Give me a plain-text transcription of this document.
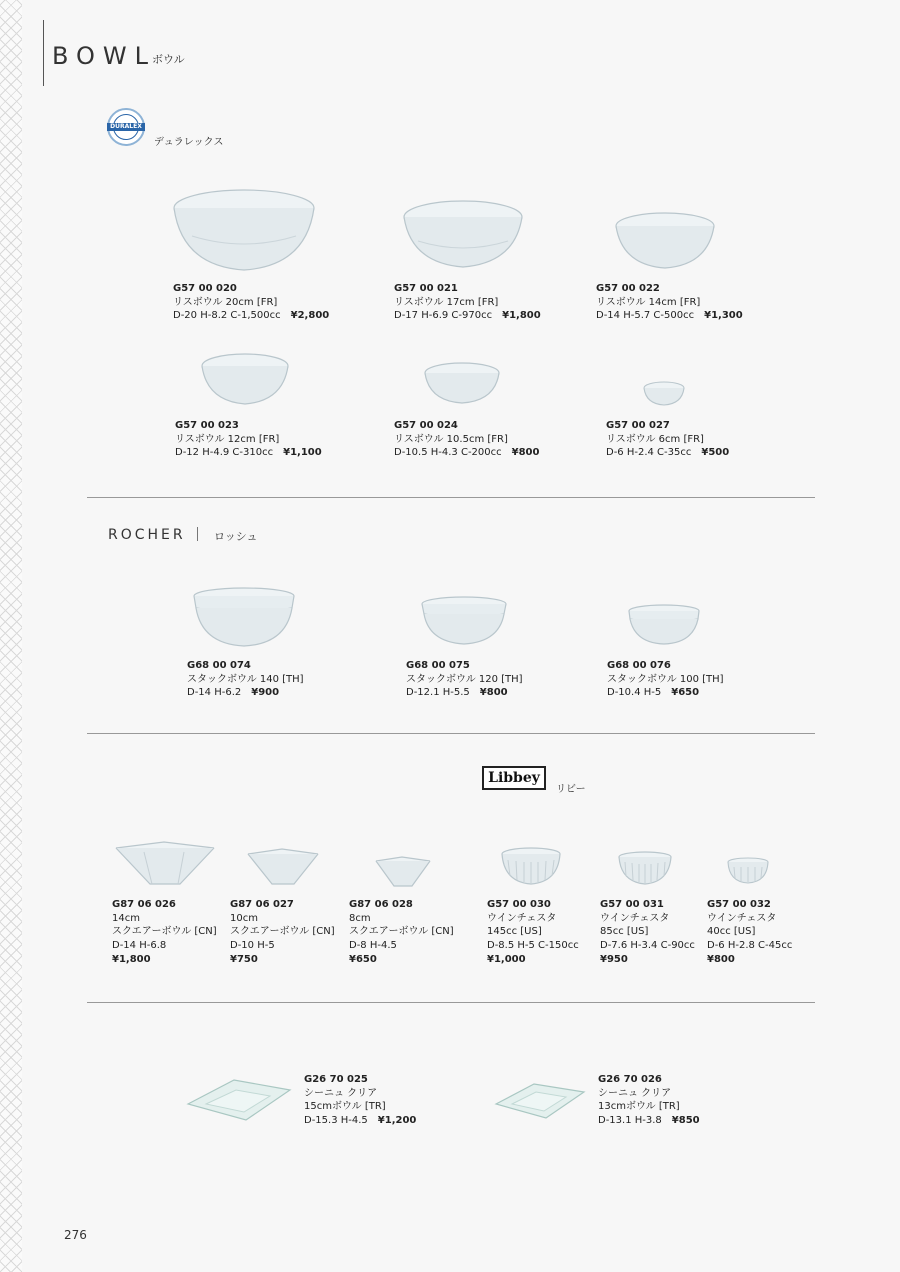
BOWL
ボウル
DURALEX
デュラレックス
G57 00 020
リスボウル 20cm [FR]
D-20 H-8.2 C-1,500cc ¥2,800
G57 00 021
リスボウル 17cm [FR]
D-17 H-6.9 C-970cc ¥1,800
G57 00 022
リスボウル 14cm [FR]
D-14 H-5.7 C-500cc ¥1,300
G57 00 023
リスボウル 12cm [FR]
D-12 H-4.9 C-310cc ¥1,100
G57 00 024
リスボウル 10.5cm [FR]
D-10.5 H-4.3 C-200cc ¥800
G57 00 027
リスボウル 6cm [FR]
D-6 H-2.4 C-35cc ¥500
ROCHER	ロッシュ
G68 00 074
スタックボウル 140 [TH]
D-14 H-6.2 ¥900
G68 00 075
スタックボウル 120 [TH]
D-12.1 H-5.5 ¥800
G68 00 076
スタックボウル 100 [TH]
D-10.4 H-5 ¥650
Libbey
リビー
G87 06 026
14cm
スクエアーボウル [CN]
D-14 H-6.8
¥1,800
G87 06 027
10cm
スクエアーボウル [CN]
D-10 H-5
¥750
G87 06 028
8cm
スクエアーボウル [CN]
D-8 H-4.5
¥650
G57 00 030
ウインチェスタ
145cc [US]
D-8.5 H-5 C-150cc
¥1,000
G57 00 031
ウインチェスタ
85cc [US]
D-7.6 H-3.4 C-90cc
¥950
G57 00 032
ウインチェスタ
40cc [US]
D-6 H-2.8 C-45cc
¥800
G26 70 025
シーニュ クリア
15cmボウル [TR]
D-15.3 H-4.5 ¥1,200
G26 70 026
シーニュ クリア
13cmボウル [TR]
D-13.1 H-3.8 ¥850
276
